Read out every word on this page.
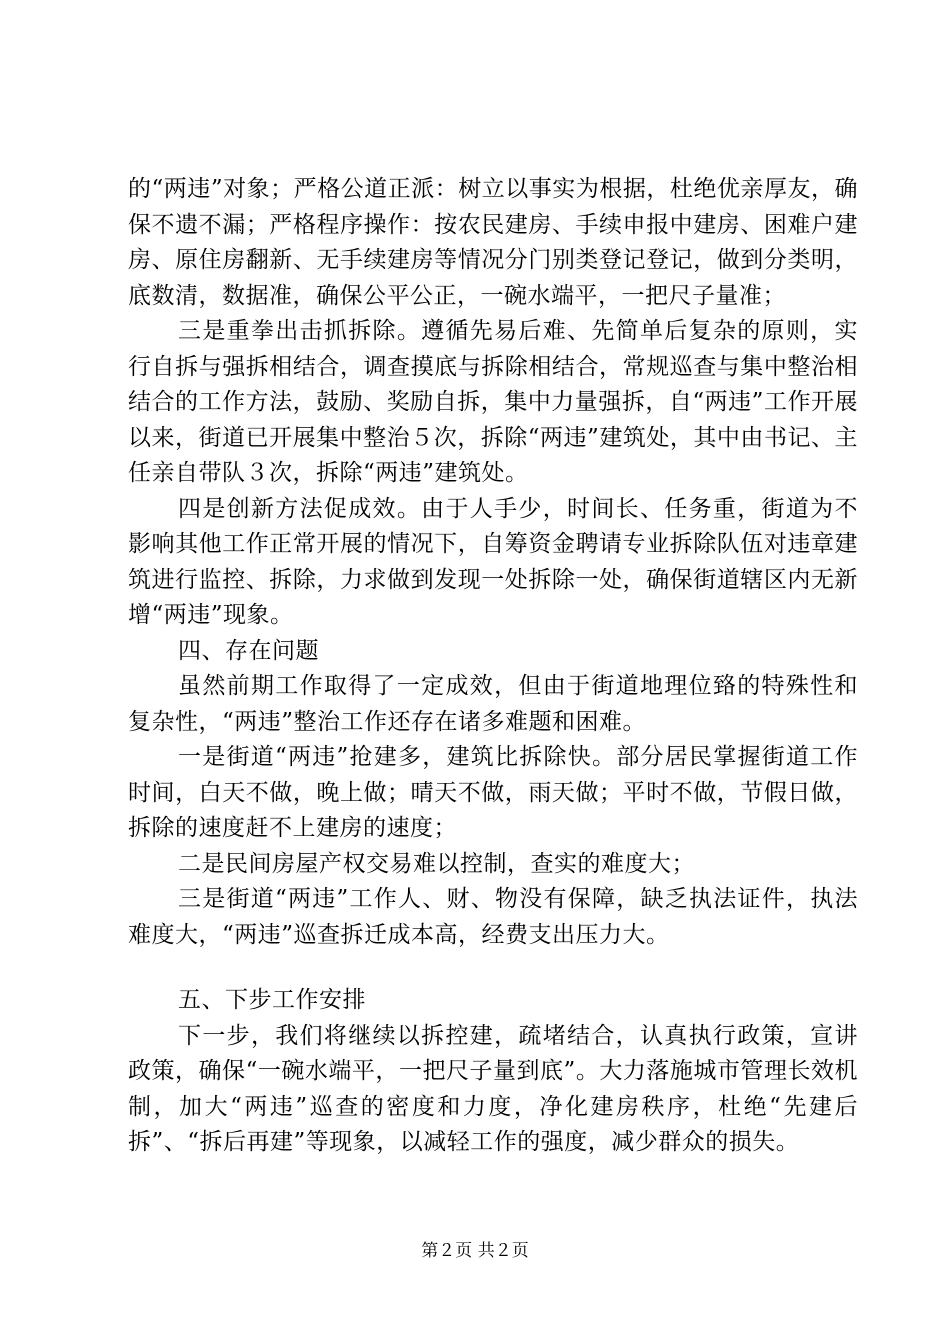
的“两违”对象；严格公道正派：树立以事实为根据，杜绝优亲厚友，确保不遗不漏；严格程序操作：按农民建房、手续申报中建房、困难户建房、原住房翻新、无手续建房等情况分门别类登记登记，做到分类明，底数清，数据准，确保公平公正，一碗水端平，一把尺子量准；

三是重拳出击抓拆除。遵循先易后难、先简单后复杂的原则，实行自拆与强拆相结合，调查摸底与拆除相结合，常规巡查与集中整治相结合的工作方法，鼓励、奖励自拆，集中力量强拆，自“两违”工作开展以来，街道已开展集中整治５次，拆除“两违”建筑处，其中由书记、主任亲自带队３次，拆除“两违”建筑处。

四是创新方法促成效。由于人手少，时间长、任务重，街道为不影响其他工作正常开展的情况下，自筹资金聘请专业拆除队伍对违章建筑进行监控、拆除，力求做到发现一处拆除一处，确保街道辖区内无新增“两违”现象。

四、存在问题

虽然前期工作取得了一定成效，但由于街道地理位臵的特殊性和复杂性，“两违”整治工作还存在诸多难题和困难。

一是街道“两违”抢建多，建筑比拆除快。部分居民掌握街道工作时间，白天不做，晚上做；晴天不做，雨天做；平时不做，节假日做，拆除的速度赶不上建房的速度；

二是民间房屋产权交易难以控制，查实的难度大；

三是街道“两违”工作人、财、物没有保障，缺乏执法证件，执法难度大，“两违”巡查拆迁成本高，经费支出压力大。

五、下步工作安排

下一步，我们将继续以拆控建，疏堵结合，认真执行政策，宣讲政策，确保“一碗水端平，一把尺子量到底”。大力落施城市管理长效机制，加大“两违”巡查的密度和力度，净化建房秩序，杜绝“先建后拆”、“拆后再建”等现象，以减轻工作的强度，减少群众的损失。

第２页 共２页
